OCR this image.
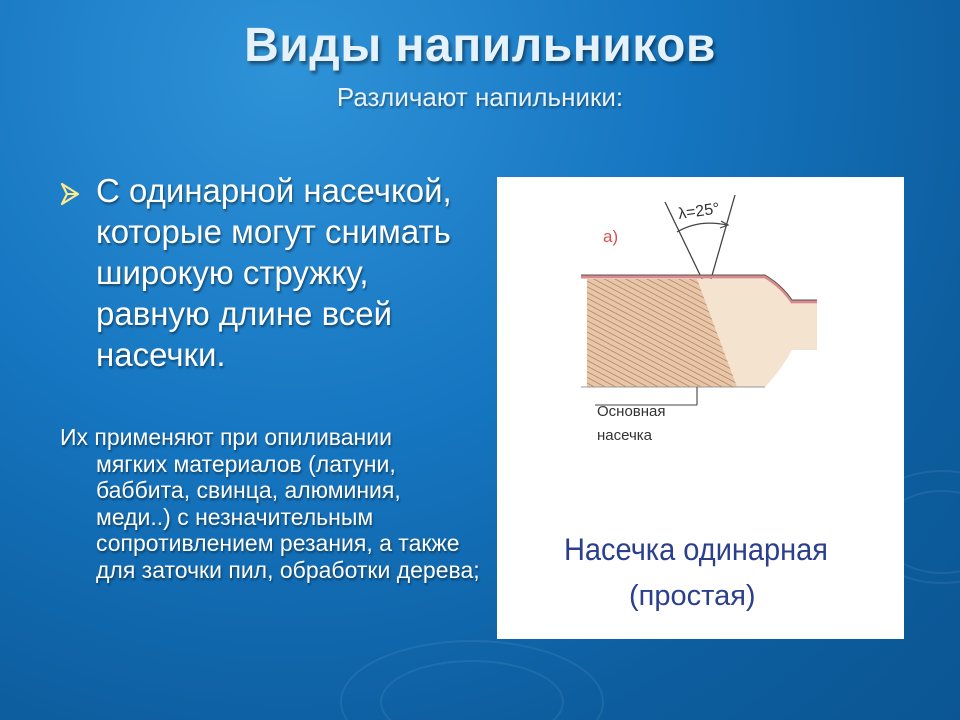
Виды напильников
Различают напильники:
С одинарной насечкой, которые могут снимать широкую стружку, равную длине всей насечки.
Их применяют при опиливании
мягких материалов (латуни, баббита, свинца, алюминия, меди..) с незначительным сопротивлением резания, а также для заточки пил, обработки дерева;
а)
λ=25°
Основная
насечка
Насечка одинарная
(простая)
